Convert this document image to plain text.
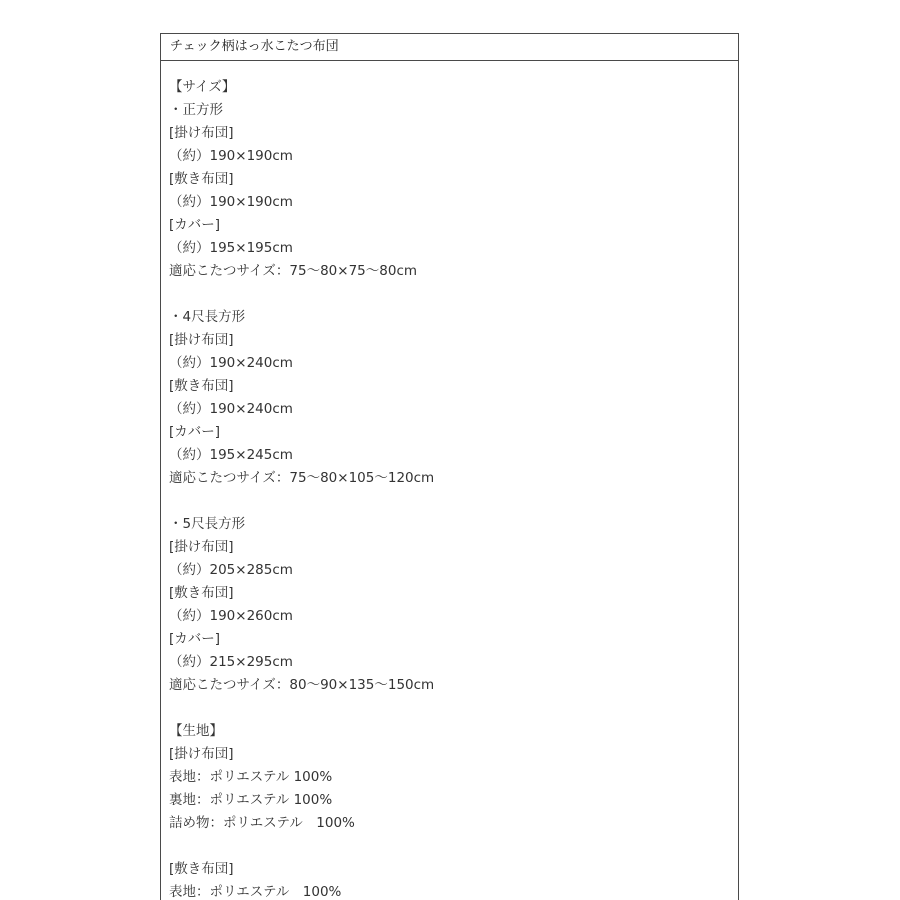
チェック柄はっ水こたつ布団
【サイズ】
・正方形
[掛け布団]
（約）190×190cm
[敷き布団]
（約）190×190cm
[カバー]
（約）195×195cm
適応こたつサイズ：75～80×75～80cm
・4尺長方形
[掛け布団]
（約）190×240cm
[敷き布団]
（約）190×240cm
[カバー]
（約）195×245cm
適応こたつサイズ：75～80×105～120cm
・5尺長方形
[掛け布団]
（約）205×285cm
[敷き布団]
（約）190×260cm
[カバー]
（約）215×295cm
適応こたつサイズ：80～90×135～150cm
【生地】
[掛け布団]
表地：ポリエステル 100%
裏地：ポリエステル 100%
詰め物：ポリエステル　100%
[敷き布団]
表地：ポリエステル　100%
